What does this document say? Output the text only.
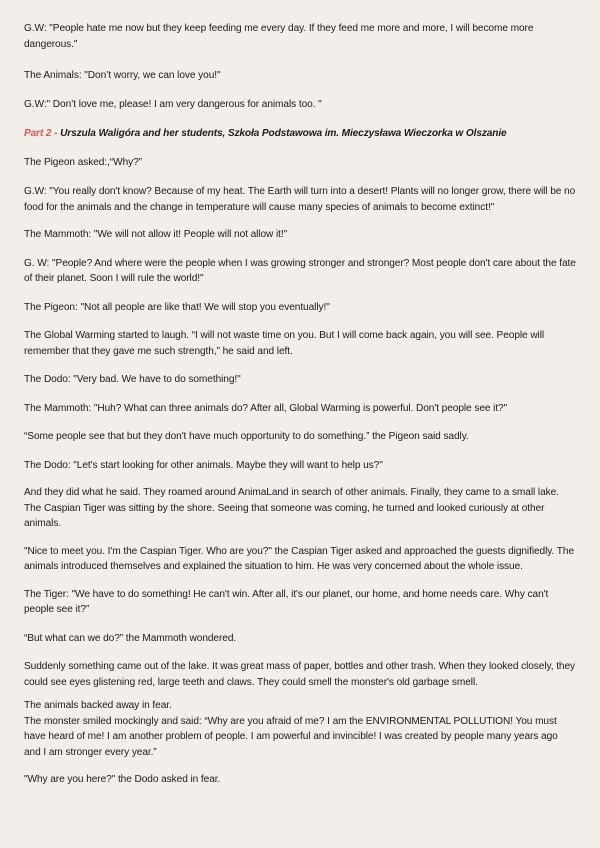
G.W: "People hate me now but they keep feeding me every day. If they feed me more and more, I will become more dangerous."

The Animals: "Don’t worry, we can love you!"

G.W:" Don’t love me, please! I am very dangerous for animals too. "

Part 2 - Urszula Waligóra and her students, Szkoła Podstawowa im. Mieczysława Wieczorka w Olszanie

The Pigeon asked:,“Why?”

G.W: "You really don't know? Because of my heat. The Earth will turn into a desert! Plants will no longer grow, there will be no food for the animals and the change in temperature will cause many species of animals to become extinct!"

The Mammoth: "We will not allow it! People will not allow it!"

G. W: "People? And where were the people when I was growing stronger and stronger? Most people don't care about the fate of their planet. Soon I will rule the world!"

The Pigeon: "Not all people are like that! We will stop you eventually!"

The Global Warming started to laugh. “I will not waste time on you. But I will come back again, you will see. People will remember that they gave me such strength,” he said and left.

The Dodo: "Very bad. We have to do something!"

The Mammoth: "Huh? What can three animals do? After all, Global Warming is powerful. Don't people see it?"

“Some people see that but they don't have much opportunity to do something.” the Pigeon said sadly.

The Dodo: "Let's start looking for other animals. Maybe they will want to help us?"

And they did what he said. They roamed around AnimaLand in search of other animals. Finally, they came to a small lake. The Caspian Tiger was sitting by the shore. Seeing that someone was coming, he turned and looked curiously at other animals.

"Nice to meet you. I'm the Caspian Tiger. Who are you?" the Caspian Tiger asked and approached the guests dignifiedly. The animals introduced themselves and explained the situation to him. He was very concerned about the whole issue.

The Tiger: "We have to do something! He can't win. After all, it's our planet, our home, and home needs care. Why can't people see it?”

“But what can we do?” the Mammoth wondered.

Suddenly something came out of the lake. It was great mass of paper, bottles and other trash. When they looked closely, they could see eyes glistening red, large teeth and claws. They could smell the monster's old garbage smell.

The animals backed away in fear.

The monster smiled mockingly and said: “Why are you afraid of me? I am the ENVIRONMENTAL POLLUTION! You must have heard of me! I am another problem of people. I am powerful and invincible! I was created by people many years ago and I am stronger every year.”

"Why are you here?" the Dodo asked in fear.
